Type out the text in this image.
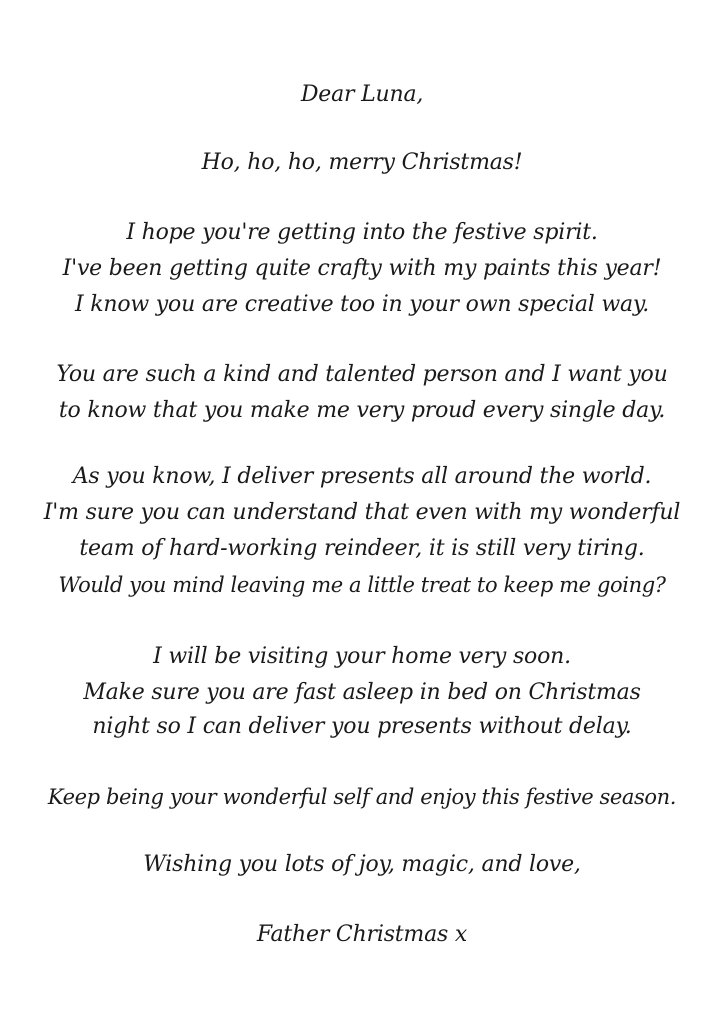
Dear Luna,
Ho, ho, ho, merry Christmas!
I hope you're getting into the festive spirit.
I've been getting quite crafty with my paints this year!
I know you are creative too in your own special way.
You are such a kind and talented person and I want you
to know that you make me very proud every single day.
As you know, I deliver presents all around the world.
I'm sure you can understand that even with my wonderful
team of hard-working reindeer, it is still very tiring.
Would you mind leaving me a little treat to keep me going?
I will be visiting your home very soon.
Make sure you are fast asleep in bed on Christmas
night so I can deliver you presents without delay.
Keep being your wonderful self and enjoy this festive season.
Wishing you lots of joy, magic, and love,
Father Christmas x
